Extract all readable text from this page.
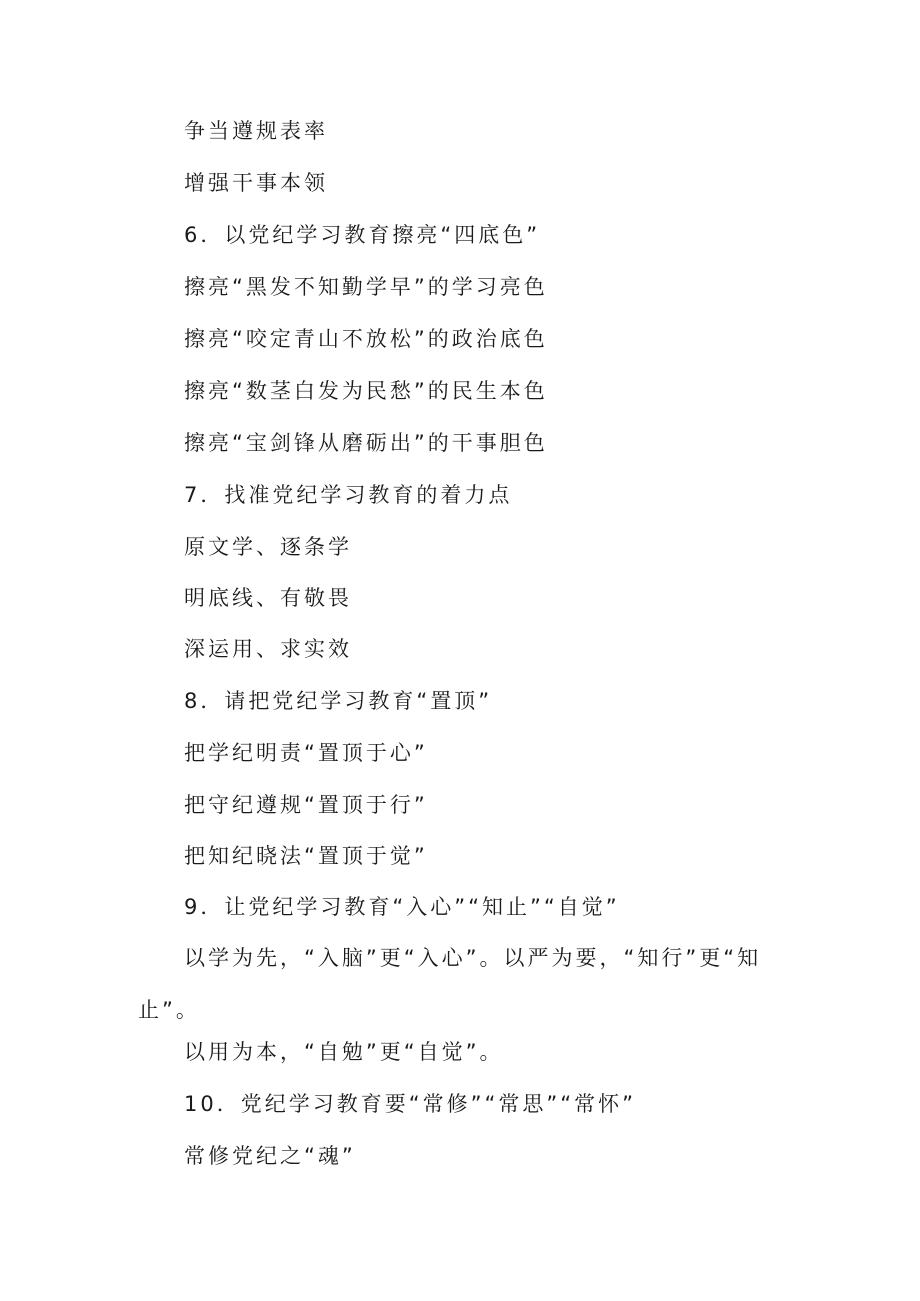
争当遵规表率
增强干事本领
6．以党纪学习教育擦亮“四底色”
擦亮“黑发不知勤学早”的学习亮色
擦亮“咬定青山不放松”的政治底色
擦亮“数茎白发为民愁”的民生本色
擦亮“宝剑锋从磨砺出”的干事胆色
7．找准党纪学习教育的着力点
原文学、逐条学
明底线、有敬畏
深运用、求实效
8．请把党纪学习教育“置顶”
把学纪明责“置顶于心”
把守纪遵规“置顶于行”
把知纪晓法“置顶于觉”
9．让党纪学习教育“入心”“知止”“自觉”
以学为先，“入脑”更“入心”。以严为要，“知行”更“知止”。
以用为本，“自勉”更“自觉”。
10．党纪学习教育要“常修”“常思”“常怀”
常修党纪之“魂”
